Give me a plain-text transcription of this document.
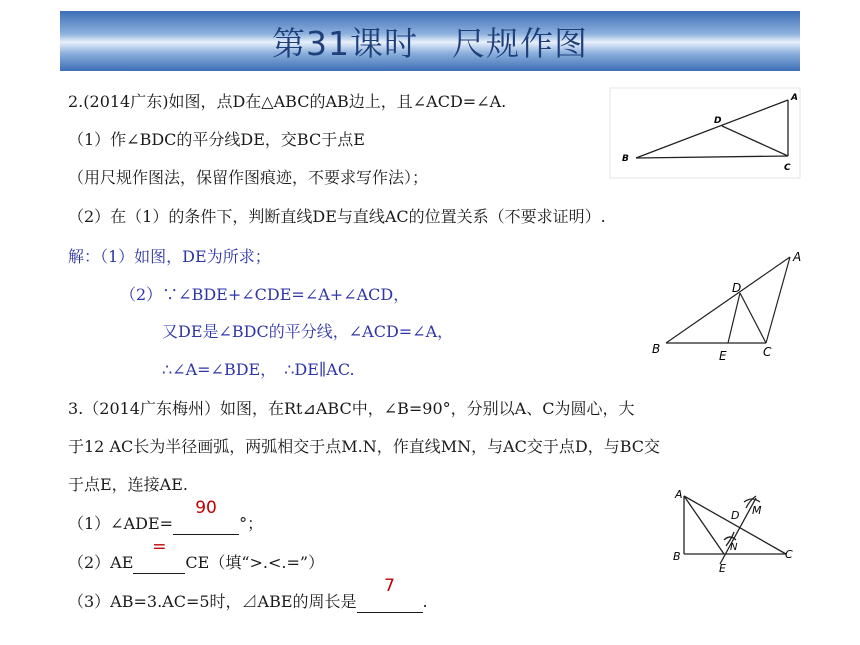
第31课时　尺规作图
2.(2014广东)如图，点D在△ABC的AB边上，且∠ACD=∠A.
（1）作∠BDC的平分线DE，交BC于点E
（用尺规作图法，保留作图痕迹，不要求写作法）；
（2）在（1）的条件下，判断直线DE与直线AC的位置关系（不要求证明）.
解：（1）如图，DE为所求；
（2）∵∠BDE+∠CDE=∠A+∠ACD，
又DE是∠BDC的平分线，∠ACD=∠A，
∴∠A=∠BDE，　∴DE∥AC.
3.（2014广东梅州）如图，在Rt⊿ABC中，∠B=90°，分别以A、C为圆心，大
于12 AC长为半径画弧，两弧相交于点M.N，作直线MN，与AC交于点D，与BC交
于点E，连接AE.
（1）∠ADE=
90
°；
（2）AE
=
CE（填“>.<.=”）
（3）AB=3.AC=5时，⊿ABE的周长是
7
.
A
B
C
D
A
B	C
D
E
A
B	C
D
E
M
N
